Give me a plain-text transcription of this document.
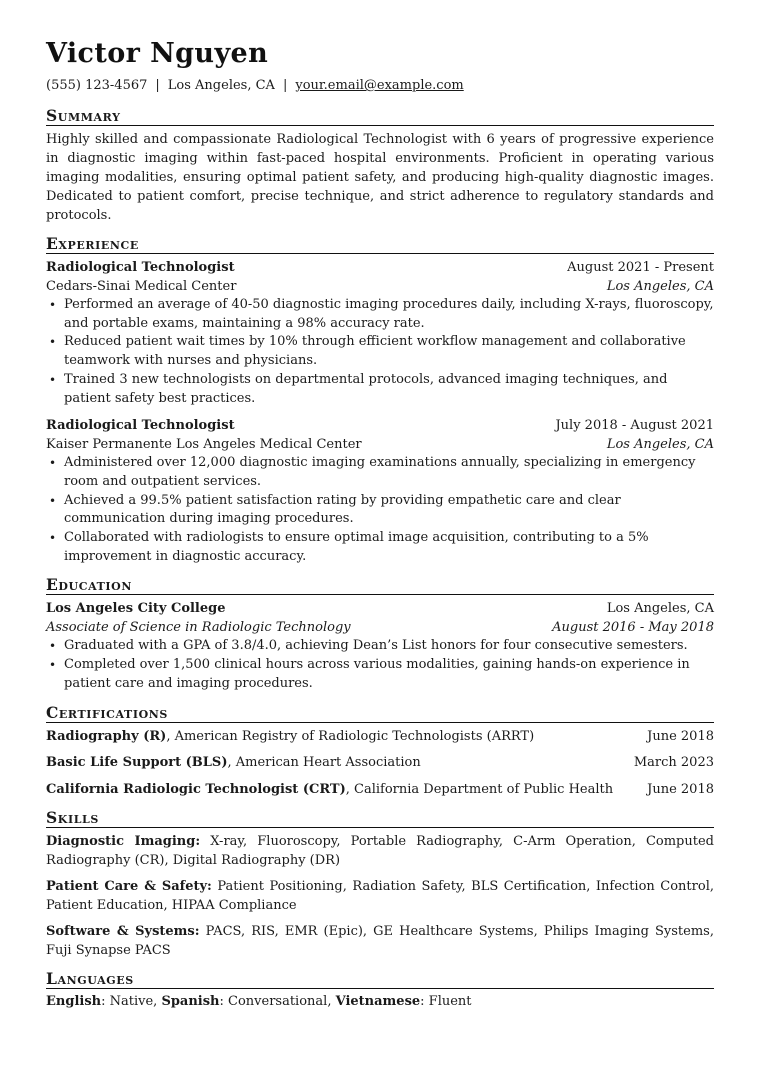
Victor Nguyen
(555) 123-4567 | Los Angeles, CA | your.email@example.com
Summary
Highly skilled and compassionate Radiological Technologist with 6 years of progressive experience in diagnostic imaging within fast-paced hospital environments. Proficient in operating various imaging modalities, ensuring optimal patient safety, and producing high-quality diagnostic images. Dedicated to patient comfort, precise technique, and strict adherence to regulatory standards and protocols.
Experience
Radiological Technologist	August 2021 - Present
Cedars-Sinai Medical Center	Los Angeles, CA
• Performed an average of 40-50 diagnostic imaging procedures daily, including X-rays, fluoroscopy, and portable exams, maintaining a 98% accuracy rate.
• Reduced patient wait times by 10% through efficient workflow management and collaborative teamwork with nurses and physicians.
• Trained 3 new technologists on departmental protocols, advanced imaging techniques, and patient safety best practices.
Radiological Technologist	July 2018 - August 2021
Kaiser Permanente Los Angeles Medical Center	Los Angeles, CA
• Administered over 12,000 diagnostic imaging examinations annually, specializing in emergency room and outpatient services.
• Achieved a 99.5% patient satisfaction rating by providing empathetic care and clear communication during imaging procedures.
• Collaborated with radiologists to ensure optimal image acquisition, contributing to a 5% improvement in diagnostic accuracy.
Education
Los Angeles City College	Los Angeles, CA
Associate of Science in Radiologic Technology	August 2016 - May 2018
• Graduated with a GPA of 3.8/4.0, achieving Dean’s List honors for four consecutive semesters.
• Completed over 1,500 clinical hours across various modalities, gaining hands-on experience in patient care and imaging procedures.
Certifications
Radiography (R), American Registry of Radiologic Technologists (ARRT)	June 2018
Basic Life Support (BLS), American Heart Association	March 2023
California Radiologic Technologist (CRT), California Department of Public Health	June 2018
Skills
Diagnostic Imaging: X-ray, Fluoroscopy, Portable Radiography, C-Arm Operation, Computed Radiography (CR), Digital Radiography (DR)
Patient Care & Safety: Patient Positioning, Radiation Safety, BLS Certification, Infection Control, Patient Education, HIPAA Compliance
Software & Systems: PACS, RIS, EMR (Epic), GE Healthcare Systems, Philips Imaging Systems, Fuji Synapse PACS
Languages
English: Native, Spanish: Conversational, Vietnamese: Fluent
